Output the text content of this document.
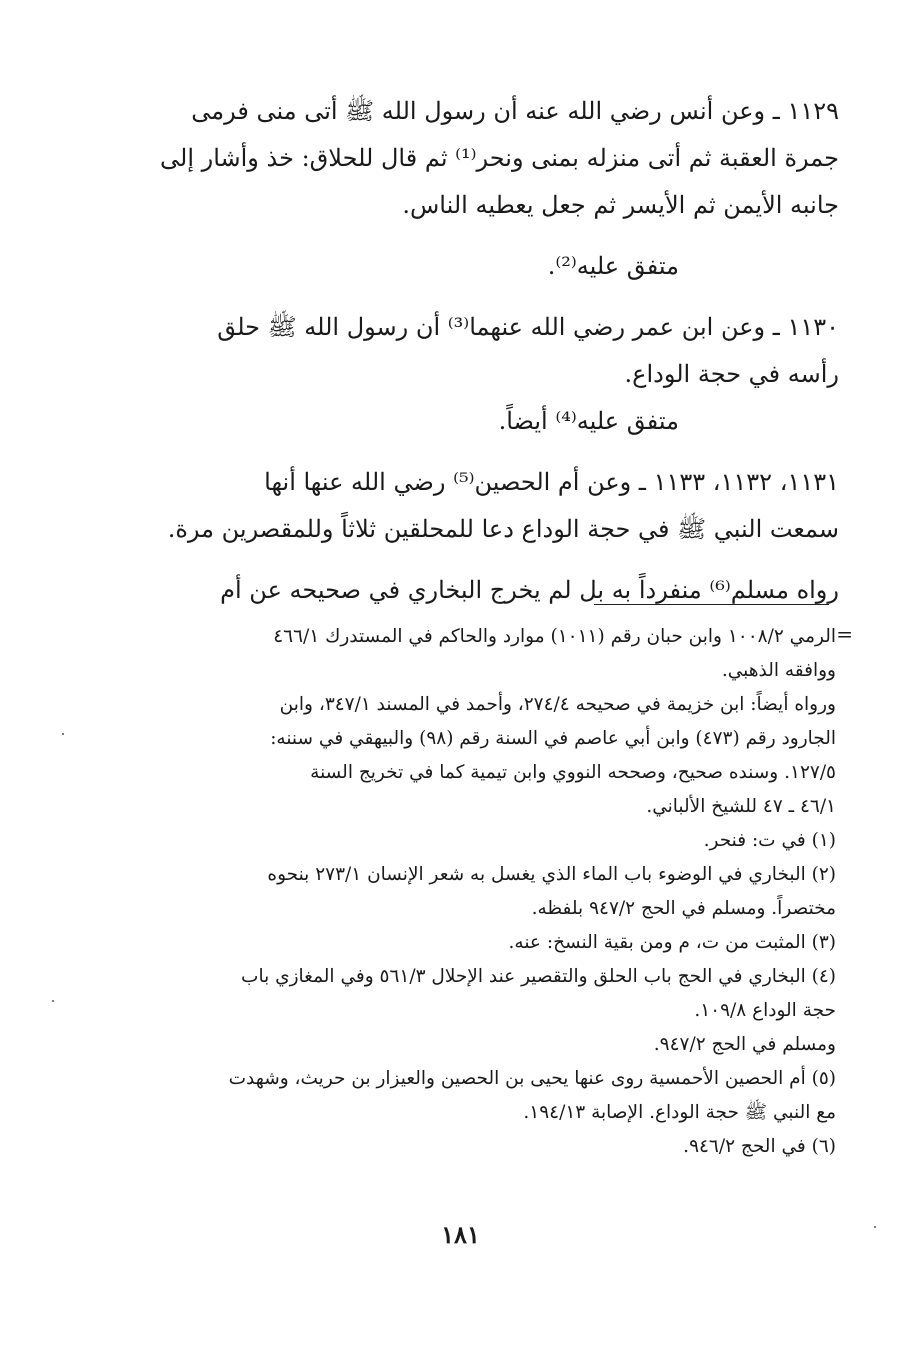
١١٢٩ ـ وعن أنس رضي الله عنه أن رسول الله ﷺ أتى منى فرمى
جمرة العقبة ثم أتى منزله بمنى ونحر⁽¹⁾ ثم قال للحلاق: خذ وأشار إلى
جانبه الأيمن ثم الأيسر ثم جعل يعطيه الناس.

متفق عليه⁽²⁾.

١١٣٠ ـ وعن ابن عمر رضي الله عنهما⁽³⁾ أن رسول الله ﷺ حلق
رأسه في حجة الوداع.

متفق عليه⁽⁴⁾ أيضاً.

١١٣١، ١١٣٢، ١١٣٣ ـ وعن أم الحصين⁽⁵⁾ رضي الله عنها أنها
سمعت النبي ﷺ في حجة الوداع دعا للمحلقين ثلاثاً وللمقصرين مرة.

رواه مسلم⁽⁶⁾ منفرداً به بل لم يخرج البخاري في صحيحه عن أم

=

الرمي ١٠٠٨/٢ وابن حبان رقم (١٠١١) موارد والحاكم في المستدرك ٤٦٦/١
ووافقه الذهبي.

ورواه أيضاً: ابن خزيمة في صحيحه ٢٧٤/٤، وأحمد في المسند ٣٤٧/١، وابن
الجارود رقم (٤٧٣) وابن أبي عاصم في السنة رقم (٩٨) والبيهقي في سننه:
١٢٧/٥. وسنده صحيح، وصححه النووي وابن تيمية كما في تخريج السنة
٤٦/١ ـ ٤٧ للشيخ الألباني.

(١) في ت: فنحر.

(٢) البخاري في الوضوء باب الماء الذي يغسل به شعر الإنسان ٢٧٣/١ بنحوه
مختصراً. ومسلم في الحج ٩٤٧/٢ بلفظه.

(٣) المثبت من ت، م ومن بقية النسخ: عنه.

(٤) البخاري في الحج باب الحلق والتقصير عند الإحلال ٥٦١/٣ وفي المغازي باب
حجة الوداع ١٠٩/٨.
ومسلم في الحج ٩٤٧/٢.

(٥) أم الحصين الأحمسية روى عنها يحيى بن الحصين والعيزار بن حريث، وشهدت
مع النبي ﷺ حجة الوداع. الإصابة ١٩٤/١٣.

(٦) في الحج ٩٤٦/٢.

١٨١
